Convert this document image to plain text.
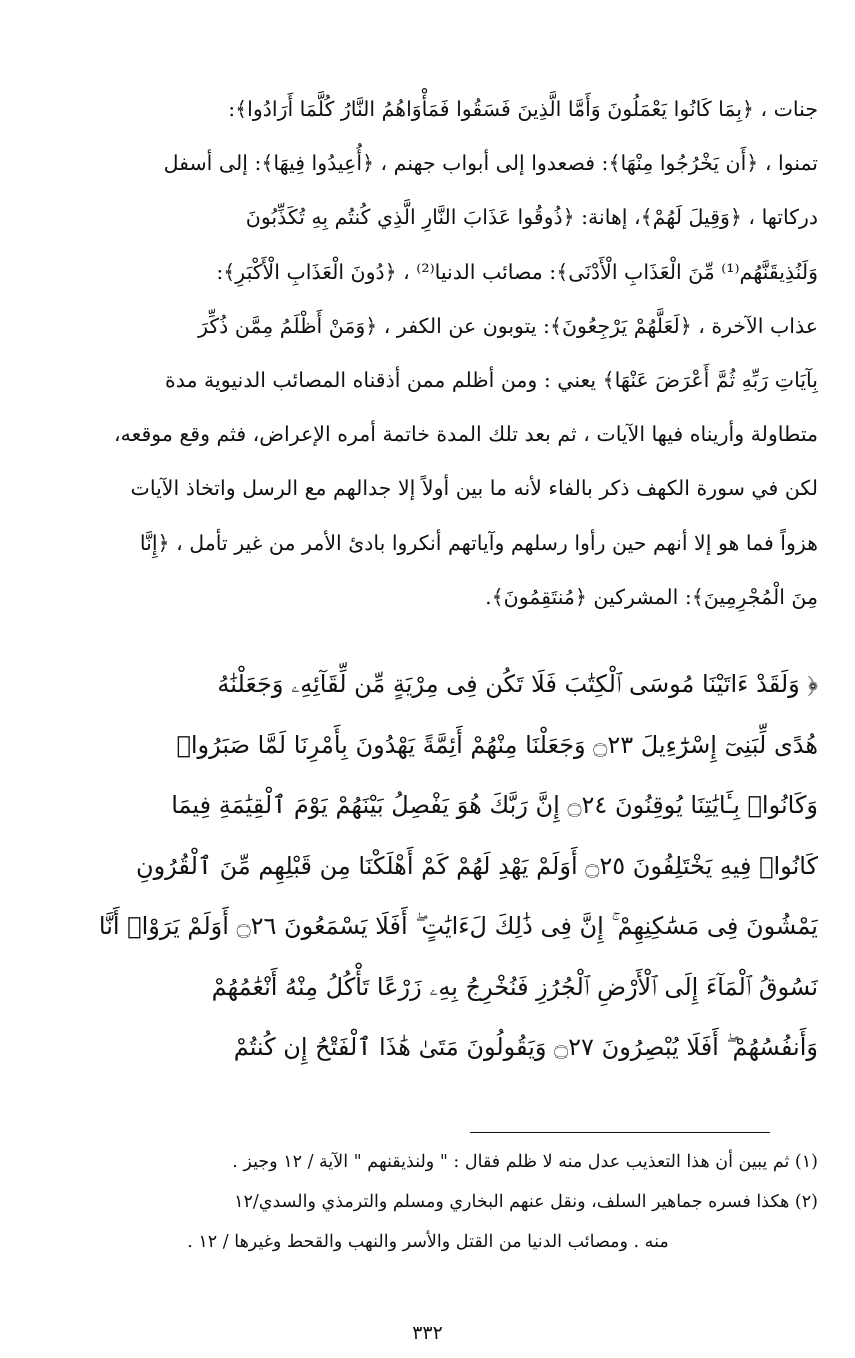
جنات ، ﴿بِمَا كَانُوا يَعْمَلُونَ وَأَمَّا الَّذِينَ فَسَقُوا فَمَأْوَاهُمُ النَّارُ كُلَّمَا أَرَادُوا﴾:
تمنوا ، ﴿أَن يَخْرُجُوا مِنْهَا﴾: فصعدوا إلى أبواب جهنم ، ﴿أُعِيدُوا فِيهَا﴾: إلى أسفل
دركاتها ، ﴿وَقِيلَ لَهُمْ﴾، إهانة: ﴿ذُوقُوا عَذَابَ النَّارِ الَّذِي كُنتُم بِهِ تُكَذِّبُونَ
وَلَنُذِيقَنَّهُم⁽¹⁾ مِّنَ الْعَذَابِ الْأَدْنَى﴾: مصائب الدنيا⁽²⁾ ، ﴿دُونَ الْعَذَابِ الْأَكْبَرِ﴾:
عذاب الآخرة ، ﴿لَعَلَّهُمْ يَرْجِعُونَ﴾: يتوبون عن الكفر ، ﴿وَمَنْ أَظْلَمُ مِمَّن ذُكِّرَ
بِآيَاتِ رَبِّهِ ثُمَّ أَعْرَضَ عَنْهَا﴾ يعني : ومن أظلم ممن أذقناه المصائب الدنيوية مدة
متطاولة وأريناه فيها الآيات ، ثم بعد تلك المدة خاتمة أمره الإعراض، فثم وقع موقعه،
لكن في سورة الكهف ذكر بالفاء لأنه ما بين أولاً إلا جدالهم مع الرسل واتخاذ الآيات
هزواً فما هو إلا أنهم حين رأوا رسلهم وآياتهم أنكروا بادئ الأمر من غير تأمل ، ﴿إِنَّا
مِنَ الْمُجْرِمِينَ﴾: المشركين ﴿مُنتَقِمُونَ﴾.
﴿ وَلَقَدْ ءَاتَيْنَا مُوسَى ٱلْكِتَٰبَ فَلَا تَكُن فِى مِرْيَةٍ مِّن لِّقَآئِهِۦ وَجَعَلْنَٰهُ
هُدًى لِّبَنِىٓ إِسْرَٰٓءِيلَ ۝٢٣ وَجَعَلْنَا مِنْهُمْ أَئِمَّةً يَهْدُونَ بِأَمْرِنَا لَمَّا صَبَرُوا۟
وَكَانُوا۟ بِـَٔايَٰتِنَا يُوقِنُونَ ۝٢٤ إِنَّ رَبَّكَ هُوَ يَفْصِلُ بَيْنَهُمْ يَوْمَ ٱلْقِيَٰمَةِ فِيمَا
كَانُوا۟ فِيهِ يَخْتَلِفُونَ ۝٢٥ أَوَلَمْ يَهْدِ لَهُمْ كَمْ أَهْلَكْنَا مِن قَبْلِهِم مِّنَ ٱلْقُرُونِ
يَمْشُونَ فِى مَسَٰكِنِهِمْ ۚ إِنَّ فِى ذَٰلِكَ لَءَايَٰتٍ ۖ أَفَلَا يَسْمَعُونَ ۝٢٦ أَوَلَمْ يَرَوْا۟ أَنَّا
نَسُوقُ ٱلْمَآءَ إِلَى ٱلْأَرْضِ ٱلْجُرُزِ فَنُخْرِجُ بِهِۦ زَرْعًا تَأْكُلُ مِنْهُ أَنْعَٰمُهُمْ
وَأَنفُسُهُمْ ۖ أَفَلَا يُبْصِرُونَ ۝٢٧ وَيَقُولُونَ مَتَىٰ هَٰذَا ٱلْفَتْحُ إِن كُنتُمْ
(١) ثم يبين أن هذا التعذيب عدل منه لا ظلم فقال : " ولنذيقنهم " الآية / ١٢ وجيز .
(٢) هكذا فسره جماهير السلف، ونقل عنهم البخاري ومسلم والترمذي والسدي/١٢
منه . ومصائب الدنيا من القتل والأسر والنهب والقحط وغيرها / ١٢ .
٣٣٢
